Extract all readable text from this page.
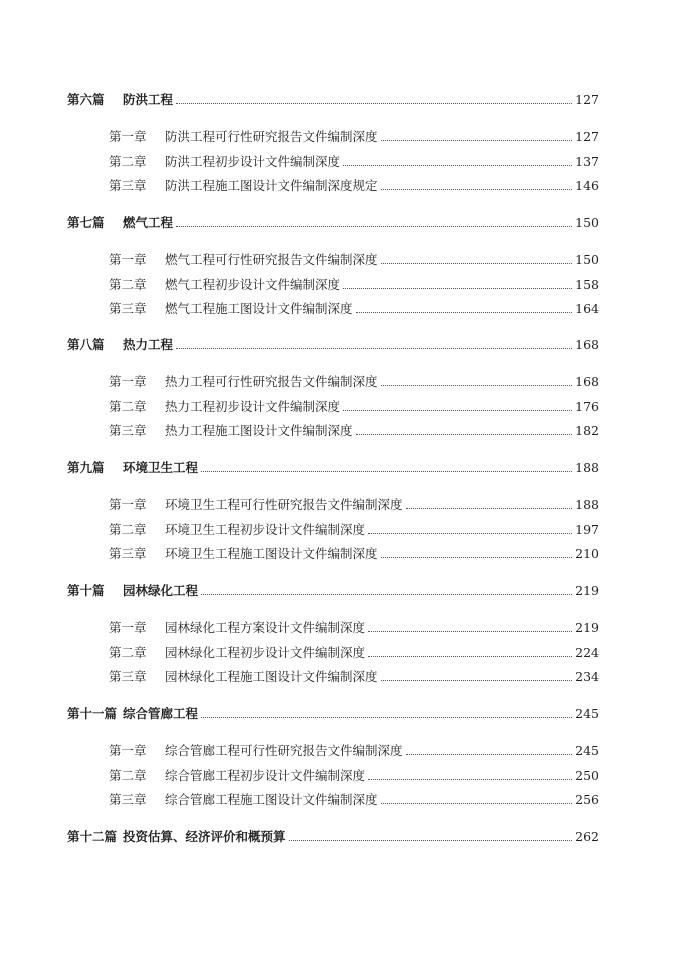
第六篇	防洪工程	127
第一章	防洪工程可行性研究报告文件编制深度	127
第二章	防洪工程初步设计文件编制深度	137
第三章	防洪工程施工图设计文件编制深度规定	146
第七篇	燃气工程	150
第一章	燃气工程可行性研究报告文件编制深度	150
第二章	燃气工程初步设计文件编制深度	158
第三章	燃气工程施工图设计文件编制深度	164
第八篇	热力工程	168
第一章	热力工程可行性研究报告文件编制深度	168
第二章	热力工程初步设计文件编制深度	176
第三章	热力工程施工图设计文件编制深度	182
第九篇	环境卫生工程	188
第一章	环境卫生工程可行性研究报告文件编制深度	188
第二章	环境卫生工程初步设计文件编制深度	197
第三章	环境卫生工程施工图设计文件编制深度	210
第十篇	园林绿化工程	219
第一章	园林绿化工程方案设计文件编制深度	219
第二章	园林绿化工程初步设计文件编制深度	224
第三章	园林绿化工程施工图设计文件编制深度	234
第十一篇 综合管廊工程	245
第一章	综合管廊工程可行性研究报告文件编制深度	245
第二章	综合管廊工程初步设计文件编制深度	250
第三章	综合管廊工程施工图设计文件编制深度	256
第十二篇 投资估算、经济评价和概预算	262
